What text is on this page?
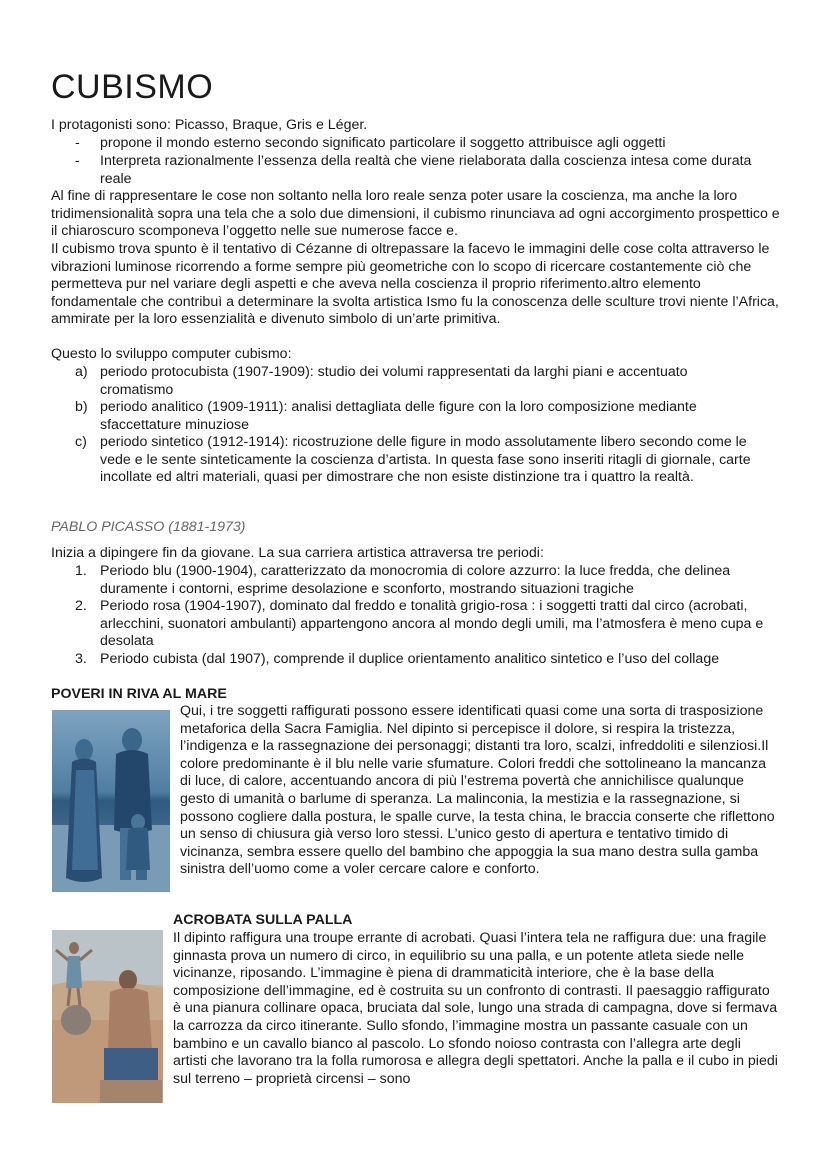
CUBISMO

I protagonisti sono: Picasso, Braque, Gris e Léger.

- propone il mondo esterno secondo significato particolare il soggetto attribuisce agli oggetti

- Interpreta razionalmente l’essenza della realtà che viene rielaborata dalla coscienza intesa come durata reale

Al fine di rappresentare le cose non soltanto nella loro reale senza poter usare la coscienza, ma anche la loro tridimensionalità sopra una tela che a solo due dimensioni, il cubismo rinunciava ad ogni accorgimento prospettico e il chiaroscuro scomponeva l’oggetto nelle sue numerose facce e.

Il cubismo trova spunto è il tentativo di Cézanne di oltrepassare la facevo le immagini delle cose colta attraverso le vibrazioni luminose ricorrendo a forme sempre più geometriche con lo scopo di ricercare costantemente ciò che permetteva pur nel variare degli aspetti e che aveva nella coscienza il proprio riferimento.altro elemento fondamentale che contribuì a determinare la svolta artistica Ismo fu la conoscenza delle sculture trovi niente l’Africa, ammirate per la loro essenzialità e divenuto simbolo di un’arte primitiva.

Questo lo sviluppo computer cubismo:

a) periodo protocubista (1907-1909): studio dei volumi rappresentati da larghi piani e accentuato cromatismo

b) periodo analitico (1909-1911): analisi dettagliata delle figure con la loro composizione mediante sfaccettature minuziose

c) periodo sintetico (1912-1914): ricostruzione delle figure in modo assolutamente libero secondo come le vede e le sente sinteticamente la coscienza d’artista. In questa fase sono inseriti ritagli di giornale, carte incollate ed altri materiali, quasi per dimostrare che non esiste distinzione tra i quattro la realtà.

PABLO PICASSO (1881-1973)

Inizia a dipingere fin da giovane. La sua carriera artistica attraversa tre periodi:

1. Periodo blu (1900-1904), caratterizzato da monocromia di colore azzurro: la luce fredda, che delinea duramente i contorni, esprime desolazione e sconforto, mostrando situazioni tragiche

2. Periodo rosa (1904-1907), dominato dal freddo e tonalità grigio-rosa : i soggetti tratti dal circo (acrobati, arlecchini, suonatori ambulanti) appartengono ancora al mondo degli umili, ma l’atmosfera è meno cupa e desolata

3. Periodo cubista (dal 1907), comprende il duplice orientamento analitico sintetico e l’uso del collage

POVERI IN RIVA AL MARE

Qui, i tre soggetti raffigurati possono essere identificati quasi come una sorta di trasposizione metaforica della Sacra Famiglia. Nel dipinto si percepisce il dolore, si respira la tristezza, l’indigenza e la rassegnazione dei personaggi; distanti tra loro, scalzi, infreddoliti e silenziosi.Il colore predominante è il blu nelle varie sfumature. Colori freddi che sottolineano la mancanza di luce, di calore, accentuando ancora di più l’estrema povertà che annichilisce qualunque gesto di umanità o barlume di speranza. La malinconia, la mestizia e la rassegnazione, si possono cogliere dalla postura, le spalle curve, la testa china, le braccia conserte che riflettono un senso di chiusura già verso loro stessi. L’unico gesto di apertura e tentativo timido di vicinanza, sembra essere quello del bambino che appoggia la sua mano destra sulla gamba sinistra dell’uomo come a voler cercare calore e conforto.

ACROBATA SULLA PALLA

Il dipinto raffigura una troupe errante di acrobati. Quasi l’intera tela ne raffigura due: una fragile ginnasta prova un numero di circo, in equilibrio su una palla, e un potente atleta siede nelle vicinanze, riposando. L’immagine è piena di drammaticità interiore, che è la base della composizione dell’immagine, ed è costruita su un confronto di contrasti. Il paesaggio raffigurato è una pianura collinare opaca, bruciata dal sole, lungo una strada di campagna, dove si fermava la carrozza da circo itinerante. Sullo sfondo, l’immagine mostra un passante casuale con un bambino e un cavallo bianco al pascolo. Lo sfondo noioso contrasta con l’allegra arte degli artisti che lavorano tra la folla rumorosa e allegra degli spettatori. Anche la palla e il cubo in piedi sul terreno – proprietà circensi – sono
